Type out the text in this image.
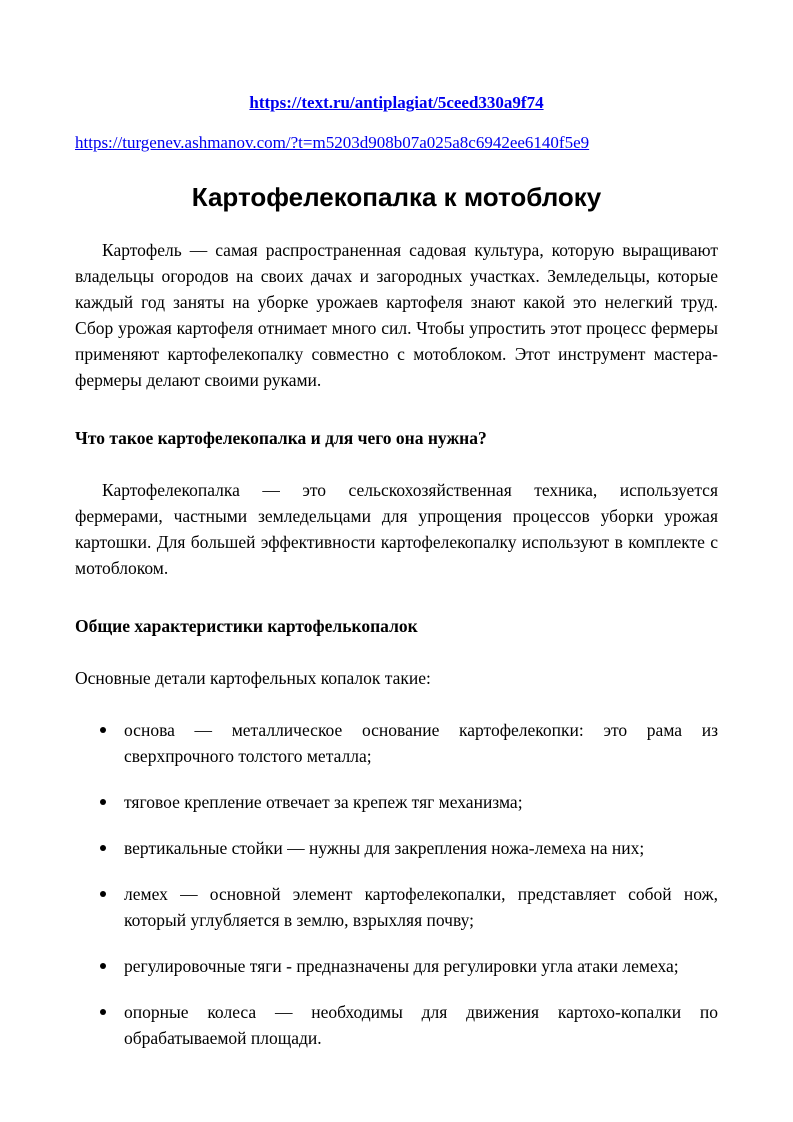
https://text.ru/antiplagiat/5ceed330a9f74

https://turgenev.ashmanov.com/?t=m5203d908b07a025a8c6942ee6140f5e9

Картофелекопалка к мотоблоку

Картофель — самая распространенная садовая культура, которую выращивают владельцы огородов на своих дачах и загородных участках. Земледельцы, которые каждый год заняты на уборке урожаев картофеля знают какой это нелегкий труд. Сбор урожая картофеля отнимает много сил. Чтобы упростить этот процесс фермеры применяют картофелекопалку совместно с мотоблоком. Этот инструмент мастера-фермеры делают своими руками.

Что такое картофелекопалка и для чего она нужна?

Картофелекопалка — это сельскохозяйственная техника, используется фермерами, частными земледельцами для упрощения процессов уборки урожая картошки. Для большей эффективности картофелекопалку используют в комплекте с мотоблоком.

Общие характеристики картофелькопалок

Основные детали картофельных копалок такие:

основа — металлическое основание картофелекопки: это рама из сверхпрочного толстого металла;
тяговое крепление отвечает за крепеж тяг механизма;
вертикальные стойки — нужны для закрепления ножа-лемеха на них;
лемех — основной элемент картофелекопалки, представляет собой нож, который углубляется в землю, взрыхляя почву;
регулировочные тяги - предназначены для регулировки угла атаки лемеха;
опорные колеса — необходимы для движения картохо-копалки по обрабатываемой площади.
